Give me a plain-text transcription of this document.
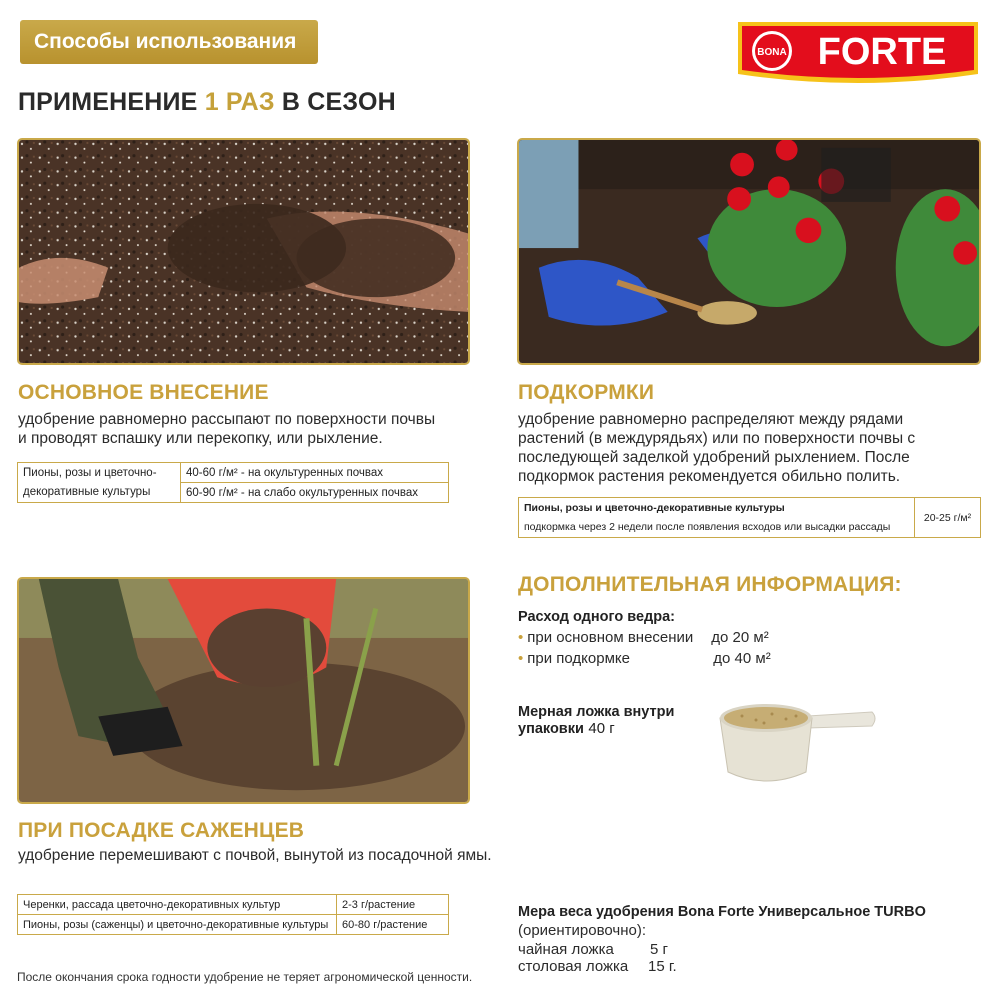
Способы использования	BONA FORTE
ПРИМЕНЕНИЕ 1 РАЗ В СЕЗОН
ОСНОВНОЕ ВНЕСЕНИЕ
удобрение равномерно рассыпают по поверхности почвы
и проводят вспашку или перекопку, или рыхление.
Пионы, розы и цветочно-	40-60 г/м² - на окультуренных почвах
декоративные культуры	60-90 г/м² - на слабо окультуренных почвах
ПОДКОРМКИ
удобрение равномерно распределяют между рядами
растений (в междурядьях) или по поверхности почвы с
последующей заделкой удобрений рыхлением. После
подкормок растения рекомендуется обильно полить.
Пионы, розы и цветочно-декоративные культуры	20-25 г/м²
подкормка через 2 недели после появления всходов или высадки рассады
ПРИ ПОСАДКЕ САЖЕНЦЕВ
удобрение перемешивают с почвой, вынутой из посадочной ямы.
Черенки, рассада цветочно-декоративных культур	2-3 г/растение
Пионы, розы (саженцы) и цветочно-декоративные культуры	60-80 г/растение
ДОПОЛНИТЕЛЬНАЯ ИНФОРМАЦИЯ:
Расход одного ведра:
• при основном внесении до 20 м²
• при подкормке	до 40 м²
Мерная ложка внутри
упаковки 40 г
Мера веса удобрения Bona Forte Универсальное TURBO
(ориентировочно):
чайная ложка 5 г
столовая ложка 15 г.
После окончания срока годности удобрение не теряет агрономической ценности.
